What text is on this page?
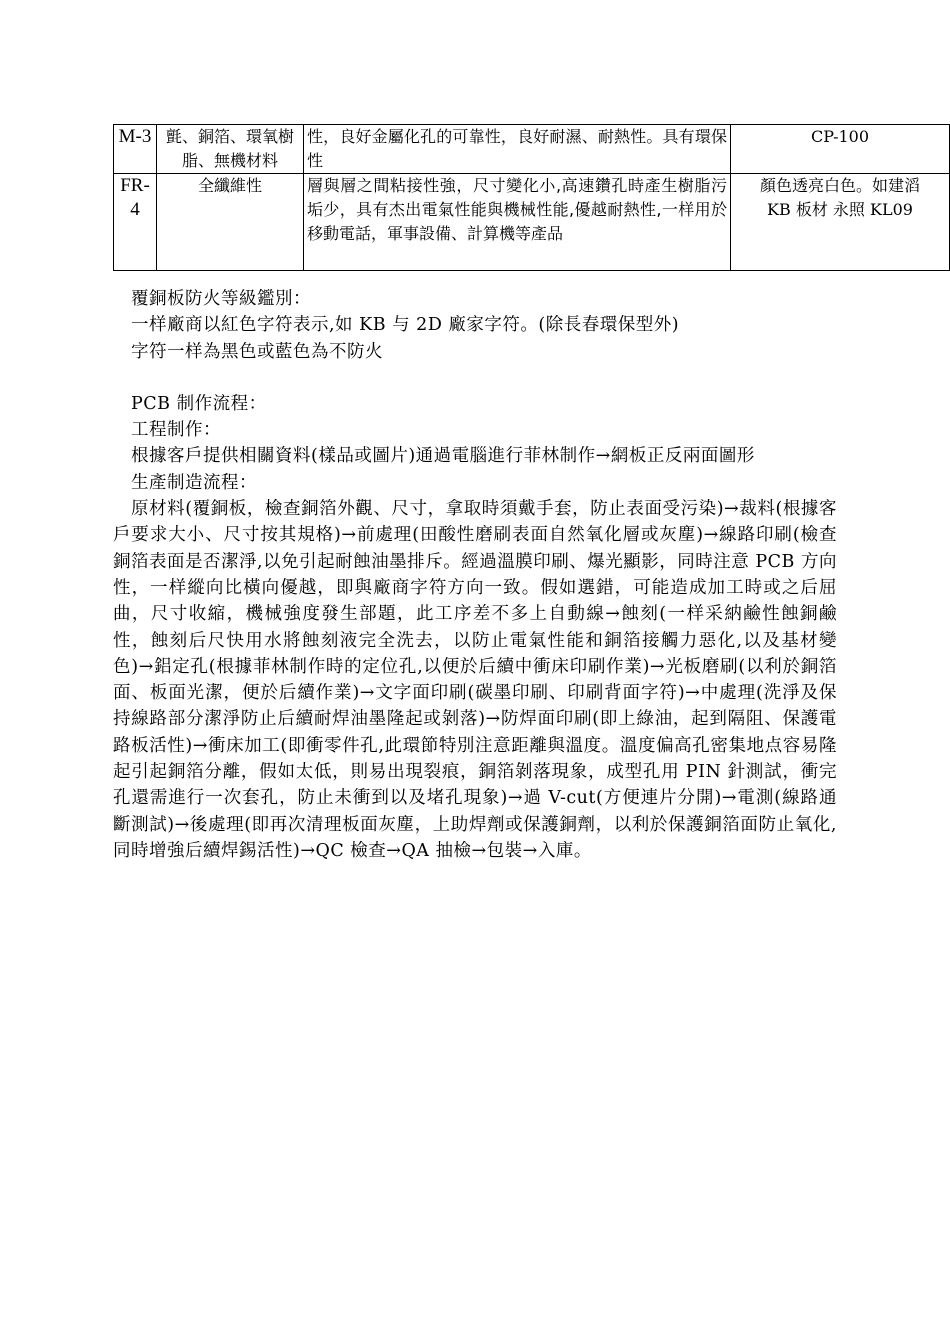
M-3	氈、銅箔、環氧樹脂、無機材料	性，良好金屬化孔的可靠性，良好耐濕、耐熱性。具有環保性	CP-100
FR-4	全纖維性	層與層之間粘接性強，尺寸變化小,高速鑽孔時產生樹脂污垢少，具有杰出電氣性能與機械性能,優越耐熱性,一样用於移動電話，軍事設備、計算機等產品	顏色透亮白色。如建滔
KB 板材 永照 KL09

覆銅板防火等級鑑別：

一样廠商以紅色字符表示,如 KB 与 2D 廠家字符。(除長春環保型外)

字符一样為黑色或藍色為不防火

PCB 制作流程：

工程制作：

根據客戶提供相關資料(樣品或圖片)通過電腦進行菲林制作→網板正反兩面圖形

生產制造流程：

原材料(覆銅板，檢查銅箔外觀、尺寸，拿取時須戴手套，防止表面受污染)→裁料(根據客戶要求大小、尺寸按其規格)→前處理(田酸性磨刷表面自然氧化層或灰塵)→線路印刷(檢查銅箔表面是否潔淨,以免引起耐蝕油墨排斥。經過溫膜印刷、爆光顯影，同時注意 PCB 方向性，一样縱向比橫向優越，即與廠商字符方向一致。假如選錯，可能造成加工時或之后屈曲，尺寸收縮，機械強度發生部題，此工序差不多上自動線→蝕刻(一样采納鹼性蝕銅鹼性，蝕刻后尺快用水將蝕刻液完全洗去，以防止電氣性能和銅箔接觸力惡化,以及基材變色)→鋁定孔(根據菲林制作時的定位孔,以便於后續中衝床印刷作業)→光板磨刷(以利於銅箔面、板面光潔，便於后續作業)→文字面印刷(碳墨印刷、印刷背面字符)→中處理(洗淨及保持線路部分潔淨防止后續耐焊油墨隆起或剝落)→防焊面印刷(即上綠油，起到隔阻、保護電路板活性)→衝床加工(即衝零件孔,此環節特別注意距離與溫度。溫度偏高孔密集地点容易隆起引起銅箔分離，假如太低，則易出現裂痕，銅箔剝落現象，成型孔用 PIN 針測試，衝完孔還需進行一次套孔，防止未衝到以及堵孔現象)→過 V-cut(方便連片分開)→電測(線路通斷測試)→後處理(即再次清理板面灰塵，上助焊劑或保護銅劑，以利於保護銅箔面防止氧化,同時增強后續焊錫活性)→QC 檢查→QA 抽檢→包裝→入庫。
